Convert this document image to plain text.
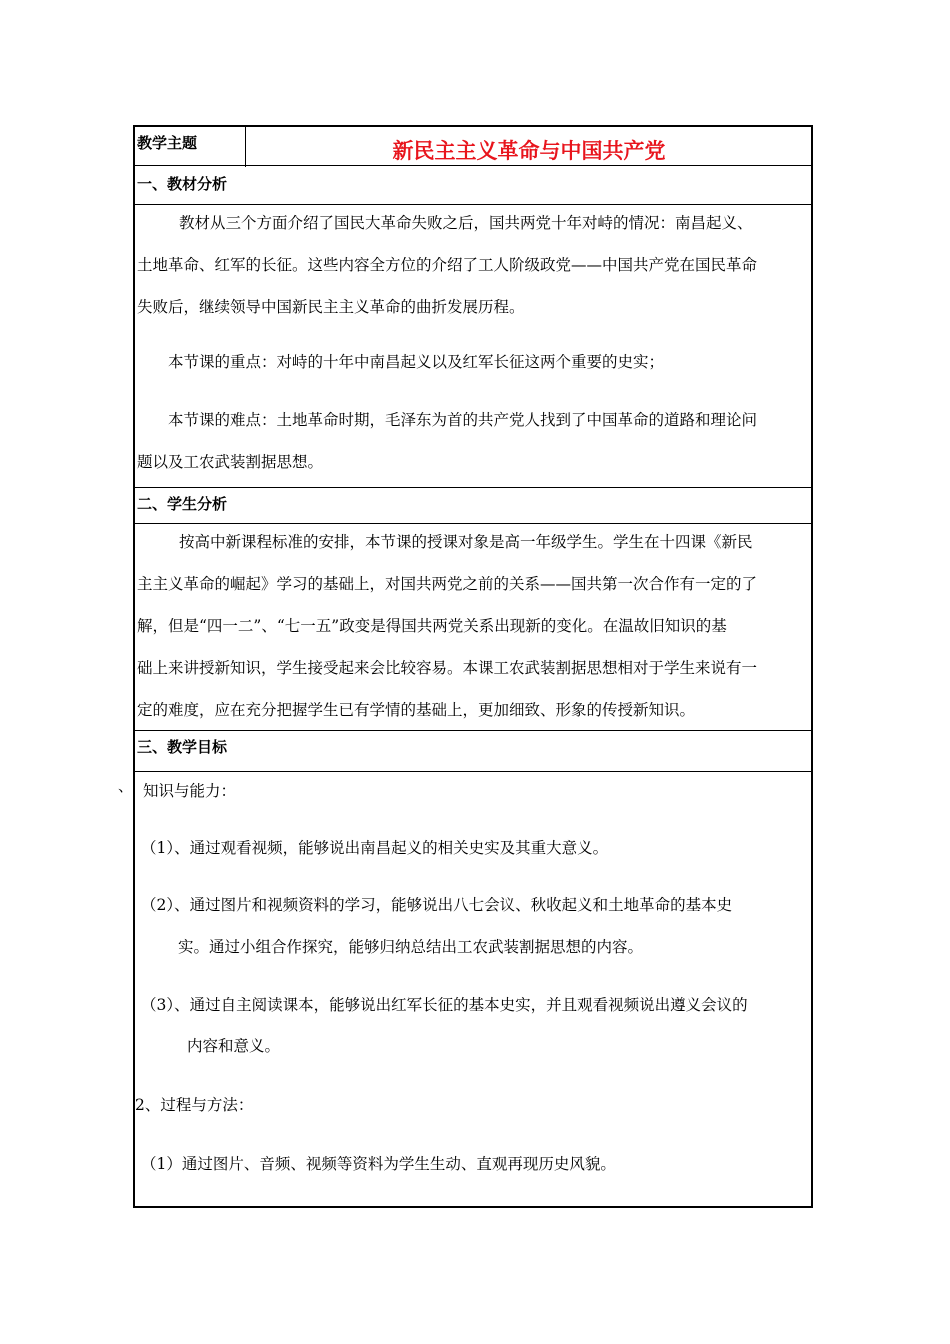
、
教学主题	新民主主义革命与中国共产党
一、教材分析
教材从三个方面介绍了国民大革命失败之后，国共两党十年对峙的情况：南昌起义、
土地革命、红军的长征。这些内容全方位的介绍了工人阶级政党——中国共产党在国民革命
失败后，继续领导中国新民主主义革命的曲折发展历程。
本节课的重点：对峙的十年中南昌起义以及红军长征这两个重要的史实；
本节课的难点：土地革命时期，毛泽东为首的共产党人找到了中国革命的道路和理论问
题以及工农武装割据思想。
二、学生分析
按高中新课程标准的安排，本节课的授课对象是高一年级学生。学生在十四课《新民
主主义革命的崛起》学习的基础上，对国共两党之前的关系——国共第一次合作有一定的了
解，但是“四一二”、“七一五”政变是得国共两党关系出现新的变化。在温故旧知识的基
础上来讲授新知识，学生接受起来会比较容易。本课工农武装割据思想相对于学生来说有一
定的难度，应在充分把握学生已有学情的基础上，更加细致、形象的传授新知识。
三、教学目标
知识与能力：
（1）、通过观看视频，能够说出南昌起义的相关史实及其重大意义。
（2）、通过图片和视频资料的学习，能够说出八七会议、秋收起义和土地革命的基本史
实。通过小组合作探究，能够归纳总结出工农武装割据思想的内容。
（3）、通过自主阅读课本，能够说出红军长征的基本史实，并且观看视频说出遵义会议的
内容和意义。
2、过程与方法：
（1）通过图片、音频、视频等资料为学生生动、直观再现历史风貌。
